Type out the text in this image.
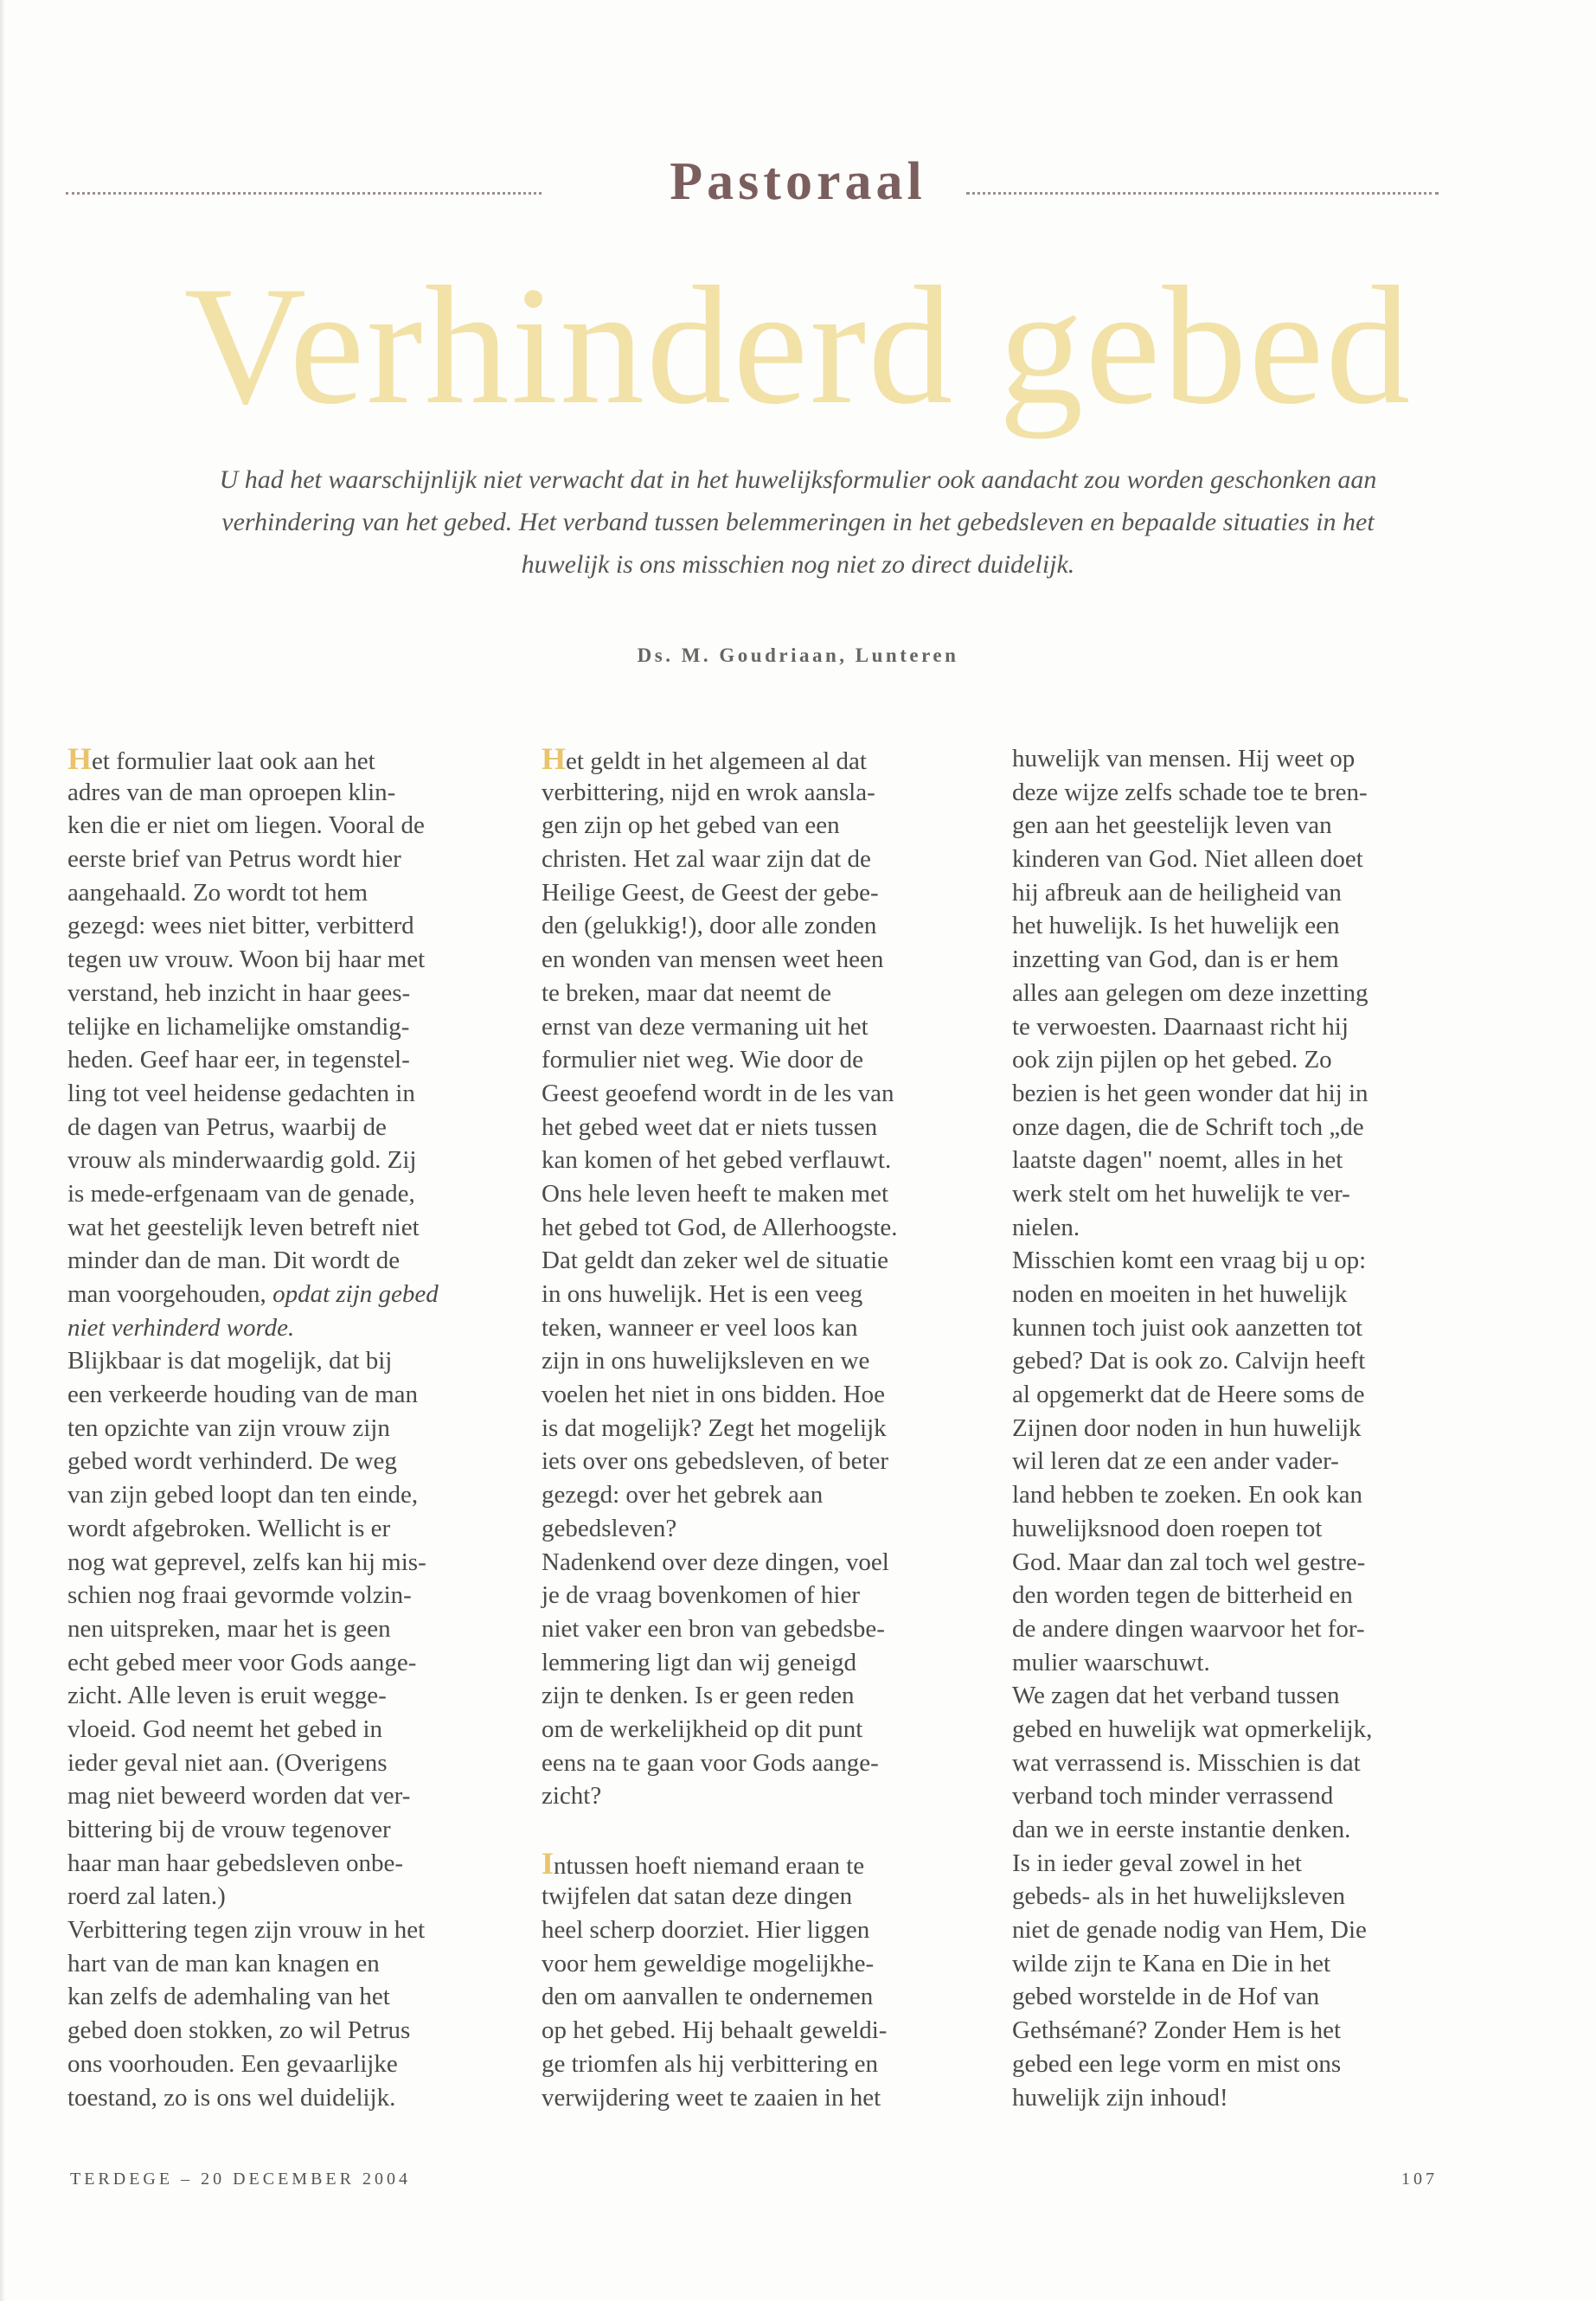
Pastoraal
Verhinderd gebed
U had het waarschijnlijk niet verwacht dat in het huwelijksformulier ook aandacht zou worden geschonken aan
verhindering van het gebed. Het verband tussen belemmeringen in het gebedsleven en bepaalde situaties in het
huwelijk is ons misschien nog niet zo direct duidelijk.
Ds. M. Goudriaan, Lunteren
Het formulier laat ook aan het
adres van de man oproepen klin-
ken die er niet om liegen. Vooral de
eerste brief van Petrus wordt hier
aangehaald. Zo wordt tot hem
gezegd: wees niet bitter, verbitterd
tegen uw vrouw. Woon bij haar met
verstand, heb inzicht in haar gees-
telijke en lichamelijke omstandig-
heden. Geef haar eer, in tegenstel-
ling tot veel heidense gedachten in
de dagen van Petrus, waarbij de
vrouw als minderwaardig gold. Zij
is mede-erfgenaam van de genade,
wat het geestelijk leven betreft niet
minder dan de man. Dit wordt de
man voorgehouden, opdat zijn gebed
niet verhinderd worde.
Blijkbaar is dat mogelijk, dat bij
een verkeerde houding van de man
ten opzichte van zijn vrouw zijn
gebed wordt verhinderd. De weg
van zijn gebed loopt dan ten einde,
wordt afgebroken. Wellicht is er
nog wat geprevel, zelfs kan hij mis-
schien nog fraai gevormde volzin-
nen uitspreken, maar het is geen
echt gebed meer voor Gods aange-
zicht. Alle leven is eruit wegge-
vloeid. God neemt het gebed in
ieder geval niet aan. (Overigens
mag niet beweerd worden dat ver-
bittering bij de vrouw tegenover
haar man haar gebedsleven onbe-
roerd zal laten.)
Verbittering tegen zijn vrouw in het
hart van de man kan knagen en
kan zelfs de ademhaling van het
gebed doen stokken, zo wil Petrus
ons voorhouden. Een gevaarlijke
toestand, zo is ons wel duidelijk.
Het geldt in het algemeen al dat
verbittering, nijd en wrok aansla-
gen zijn op het gebed van een
christen. Het zal waar zijn dat de
Heilige Geest, de Geest der gebe-
den (gelukkig!), door alle zonden
en wonden van mensen weet heen
te breken, maar dat neemt de
ernst van deze vermaning uit het
formulier niet weg. Wie door de
Geest geoefend wordt in de les van
het gebed weet dat er niets tussen
kan komen of het gebed verflauwt.
Ons hele leven heeft te maken met
het gebed tot God, de Allerhoogste.
Dat geldt dan zeker wel de situatie
in ons huwelijk. Het is een veeg
teken, wanneer er veel loos kan
zijn in ons huwelijksleven en we
voelen het niet in ons bidden. Hoe
is dat mogelijk? Zegt het mogelijk
iets over ons gebedsleven, of beter
gezegd: over het gebrek aan
gebedsleven?
Nadenkend over deze dingen, voel
je de vraag bovenkomen of hier
niet vaker een bron van gebedsbe-
lemmering ligt dan wij geneigd
zijn te denken. Is er geen reden
om de werkelijkheid op dit punt
eens na te gaan voor Gods aange-
zicht?
Intussen hoeft niemand eraan te
twijfelen dat satan deze dingen
heel scherp doorziet. Hier liggen
voor hem geweldige mogelijkhe-
den om aanvallen te ondernemen
op het gebed. Hij behaalt geweldi-
ge triomfen als hij verbittering en
verwijdering weet te zaaien in het
huwelijk van mensen. Hij weet op
deze wijze zelfs schade toe te bren-
gen aan het geestelijk leven van
kinderen van God. Niet alleen doet
hij afbreuk aan de heiligheid van
het huwelijk. Is het huwelijk een
inzetting van God, dan is er hem
alles aan gelegen om deze inzetting
te verwoesten. Daarnaast richt hij
ook zijn pijlen op het gebed. Zo
bezien is het geen wonder dat hij in
onze dagen, die de Schrift toch „de
laatste dagen" noemt, alles in het
werk stelt om het huwelijk te ver-
nielen.
Misschien komt een vraag bij u op:
noden en moeiten in het huwelijk
kunnen toch juist ook aanzetten tot
gebed? Dat is ook zo. Calvijn heeft
al opgemerkt dat de Heere soms de
Zijnen door noden in hun huwelijk
wil leren dat ze een ander vader-
land hebben te zoeken. En ook kan
huwelijksnood doen roepen tot
God. Maar dan zal toch wel gestre-
den worden tegen de bitterheid en
de andere dingen waarvoor het for-
mulier waarschuwt.
We zagen dat het verband tussen
gebed en huwelijk wat opmerkelijk,
wat verrassend is. Misschien is dat
verband toch minder verrassend
dan we in eerste instantie denken.
Is in ieder geval zowel in het
gebeds- als in het huwelijksleven
niet de genade nodig van Hem, Die
wilde zijn te Kana en Die in het
gebed worstelde in de Hof van
Gethsémané? Zonder Hem is het
gebed een lege vorm en mist ons
huwelijk zijn inhoud!
TERDEGE – 20 DECEMBER 2004	107
